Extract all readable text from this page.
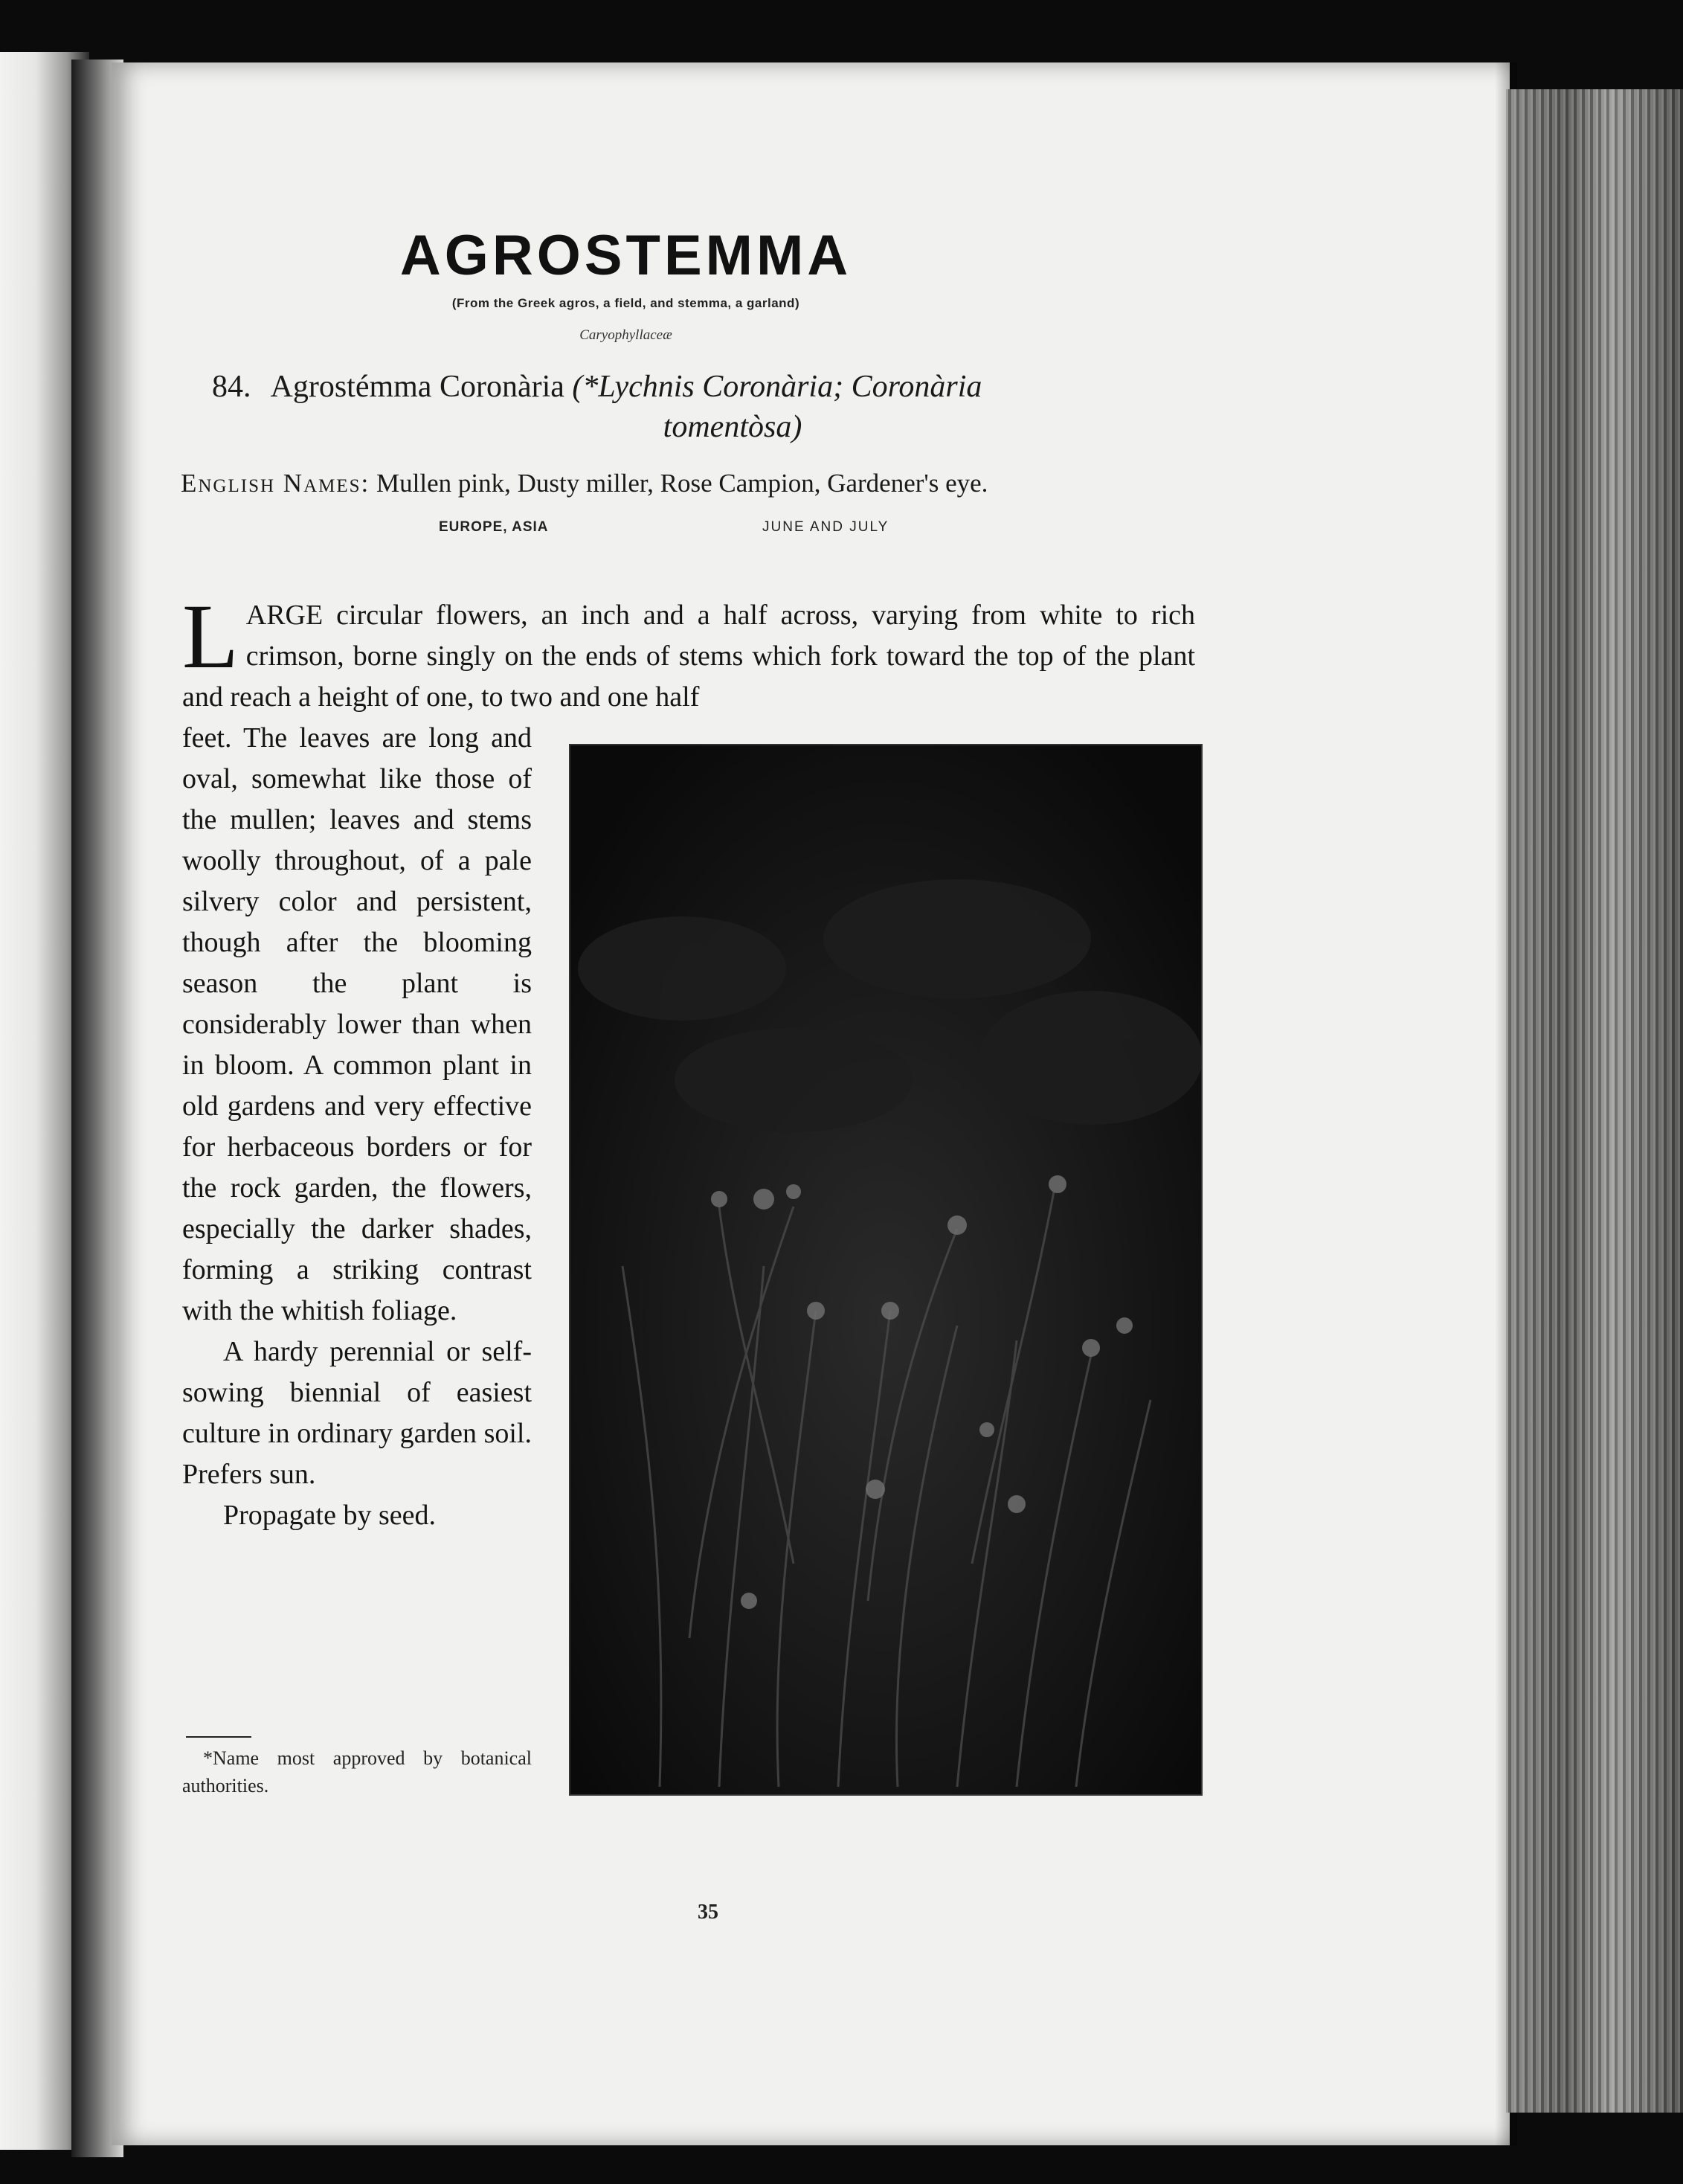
AGROSTEMMA
(From the Greek agros, a field, and stemma, a garland)
Caryophyllaceæ
84. Agrostémma Coronària (*Lychnis Coronària; Coronària
tomentòsa)
English Names: Mullen pink, Dusty miller, Rose Campion, Gardener's eye.
EUROPE, ASIA	JUNE AND JULY
L ARGE circular flowers, an inch and a half across, varying from white to rich crimson, borne singly on the ends of stems which fork toward the top of the plant and reach a height of one, to two and one half

feet. The leaves are long and oval, somewhat like those of the mullen; leaves and stems woolly throughout, of a pale silvery color and persistent, though after the blooming season the plant is considerably lower than when in bloom. A common plant in old gardens and very effective for herbaceous borders or for the rock garden, the flowers, especially the darker shades, forming a striking contrast with the whitish foliage.

A hardy perennial or self-sowing biennial of easiest culture in ordinary garden soil. Prefers sun.

Propagate by seed.

*Name most approved by botanical authorities.
35
